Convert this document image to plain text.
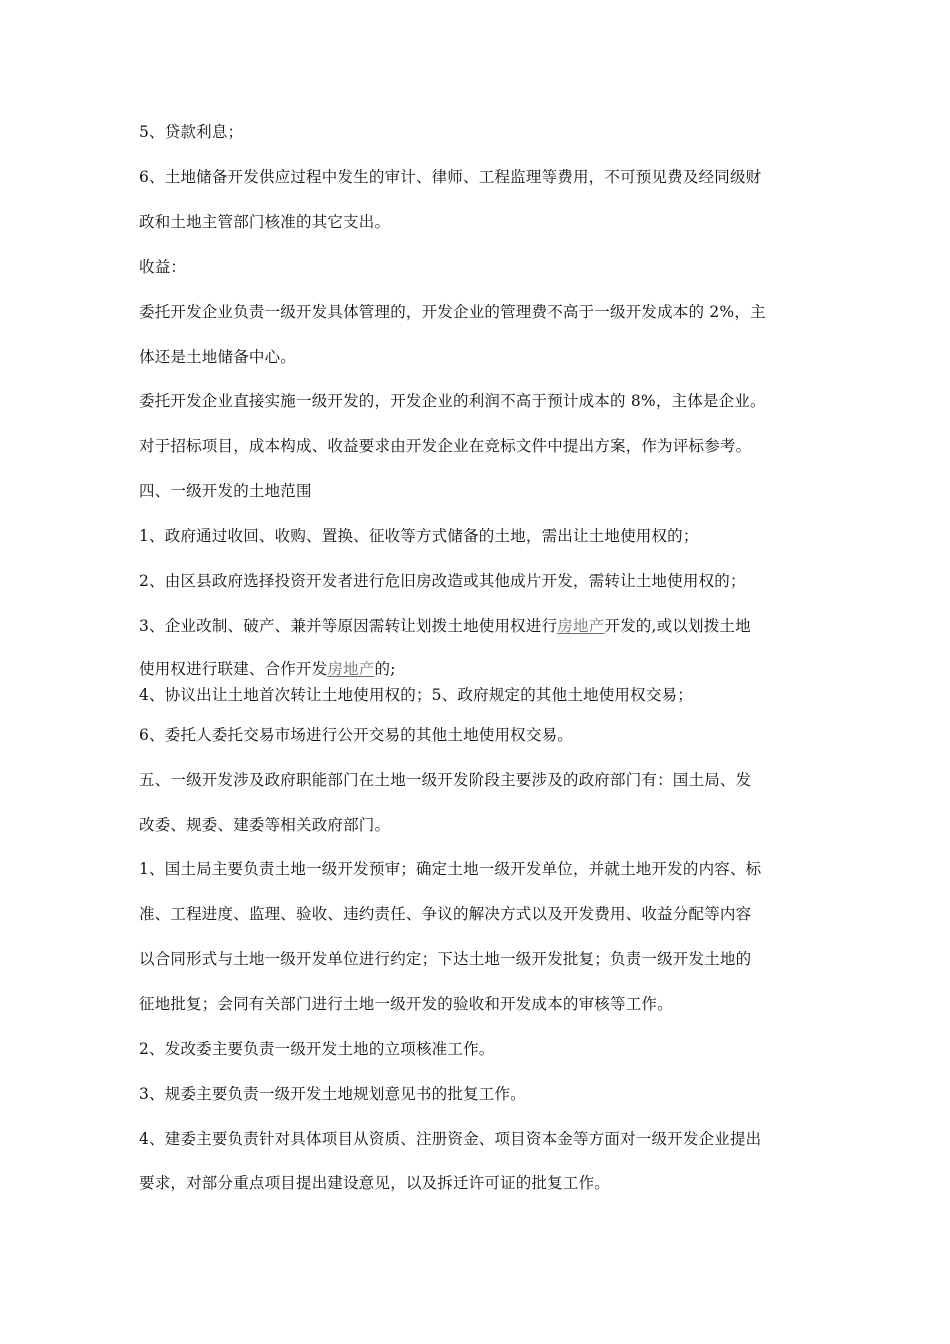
5、贷款利息；
6、土地储备开发供应过程中发生的审计、律师、工程监理等费用，不可预见费及经同级财
政和土地主管部门核准的其它支出。
收益：
委托开发企业负责一级开发具体管理的，开发企业的管理费不高于一级开发成本的 2%，主
体还是土地储备中心。
委托开发企业直接实施一级开发的，开发企业的利润不高于预计成本的 8%，主体是企业。
对于招标项目，成本构成、收益要求由开发企业在竞标文件中提出方案，作为评标参考。
四、一级开发的土地范围
1、政府通过收回、收购、置换、征收等方式储备的土地，需出让土地使用权的；
2、由区县政府选择投资开发者进行危旧房改造或其他成片开发，需转让土地使用权的；
3、企业改制、破产、兼并等原因需转让划拨土地使用权进行房地产开发的,或以划拨土地
使用权进行联建、合作开发房地产的;
4、协议出让土地首次转让土地使用权的；5、政府规定的其他土地使用权交易；
6、委托人委托交易市场进行公开交易的其他土地使用权交易。
五、一级开发涉及政府职能部门在土地一级开发阶段主要涉及的政府部门有：国土局、发
改委、规委、建委等相关政府部门。
1、国土局主要负责土地一级开发预审；确定土地一级开发单位，并就土地开发的内容、标
准、工程进度、监理、验收、违约责任、争议的解决方式以及开发费用、收益分配等内容
以合同形式与土地一级开发单位进行约定；下达土地一级开发批复；负责一级开发土地的
征地批复；会同有关部门进行土地一级开发的验收和开发成本的审核等工作。
2、发改委主要负责一级开发土地的立项核准工作。
3、规委主要负责一级开发土地规划意见书的批复工作。
4、建委主要负责针对具体项目从资质、注册资金、项目资本金等方面对一级开发企业提出
要求，对部分重点项目提出建设意见，以及拆迁许可证的批复工作。
